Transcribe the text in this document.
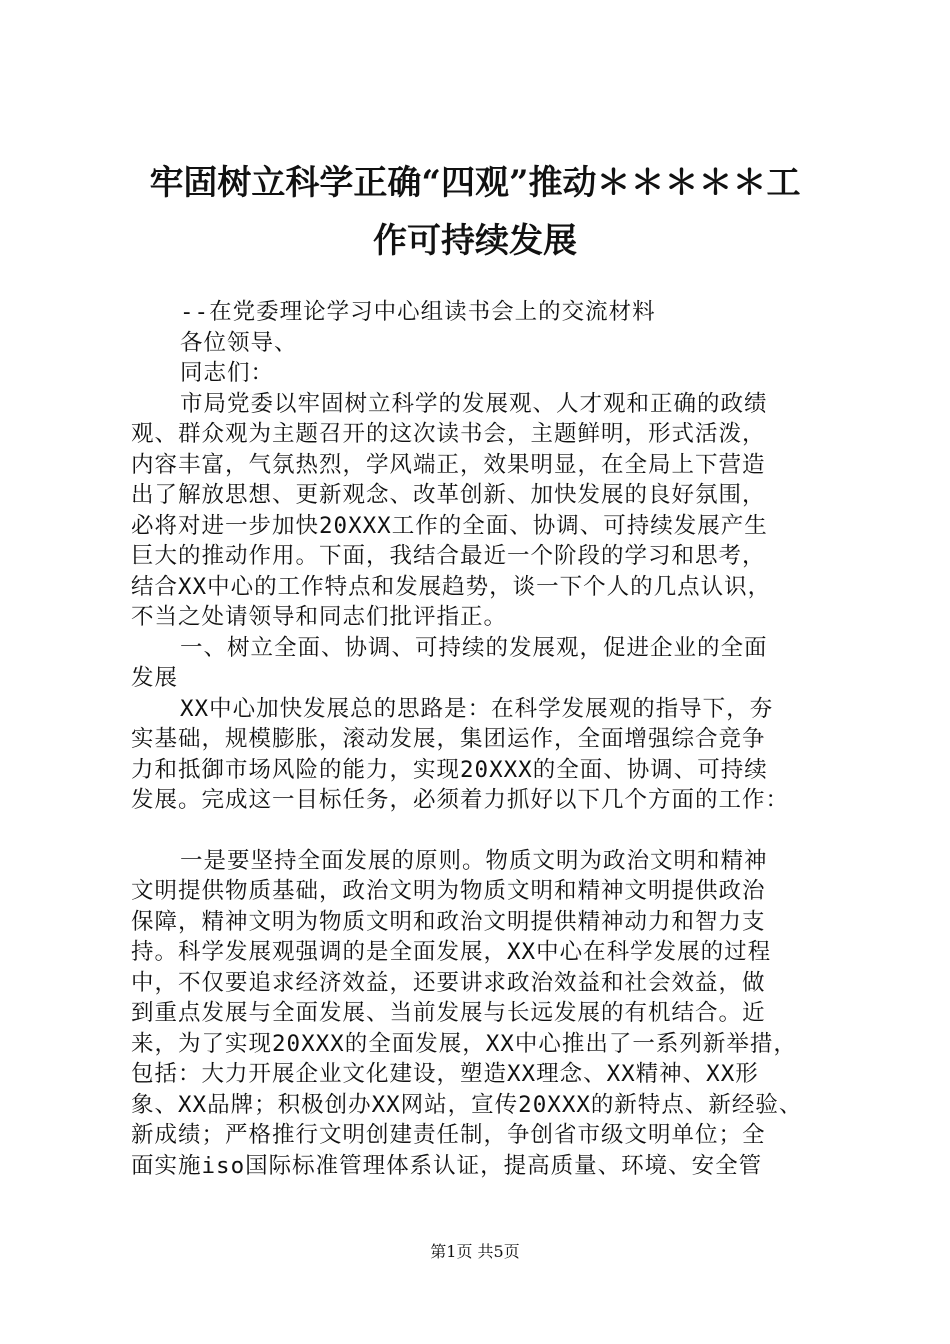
牢固树立科学正确“四观”推动＊＊＊＊＊工
作可持续发展
--在党委理论学习中心组读书会上的交流材料
各位领导、
同志们：
市局党委以牢固树立科学的发展观、人才观和正确的政绩
观、群众观为主题召开的这次读书会，主题鲜明，形式活泼，
内容丰富，气氛热烈，学风端正，效果明显，在全局上下营造
出了解放思想、更新观念、改革创新、加快发展的良好氛围，
必将对进一步加快20XXX工作的全面、协调、可持续发展产生
巨大的推动作用。下面，我结合最近一个阶段的学习和思考，
结合XX中心的工作特点和发展趋势，谈一下个人的几点认识，
不当之处请领导和同志们批评指正。
一、树立全面、协调、可持续的发展观，促进企业的全面
发展
XX中心加快发展总的思路是：在科学发展观的指导下，夯
实基础，规模膨胀，滚动发展，集团运作，全面增强综合竞争
力和抵御市场风险的能力，实现20XXX的全面、协调、可持续
发展。完成这一目标任务，必须着力抓好以下几个方面的工作：
一是要坚持全面发展的原则。物质文明为政治文明和精神
文明提供物质基础，政治文明为物质文明和精神文明提供政治
保障，精神文明为物质文明和政治文明提供精神动力和智力支
持。科学发展观强调的是全面发展，XX中心在科学发展的过程
中，不仅要追求经济效益，还要讲求政治效益和社会效益，做
到重点发展与全面发展、当前发展与长远发展的有机结合。近
来，为了实现20XXX的全面发展，XX中心推出了一系列新举措，
包括：大力开展企业文化建设，塑造XX理念、XX精神、XX形
象、XX品牌；积极创办XX网站，宣传20XXX的新特点、新经验、
新成绩；严格推行文明创建责任制，争创省市级文明单位；全
面实施iso国际标准管理体系认证，提高质量、环境、安全管

第1页 共5页
